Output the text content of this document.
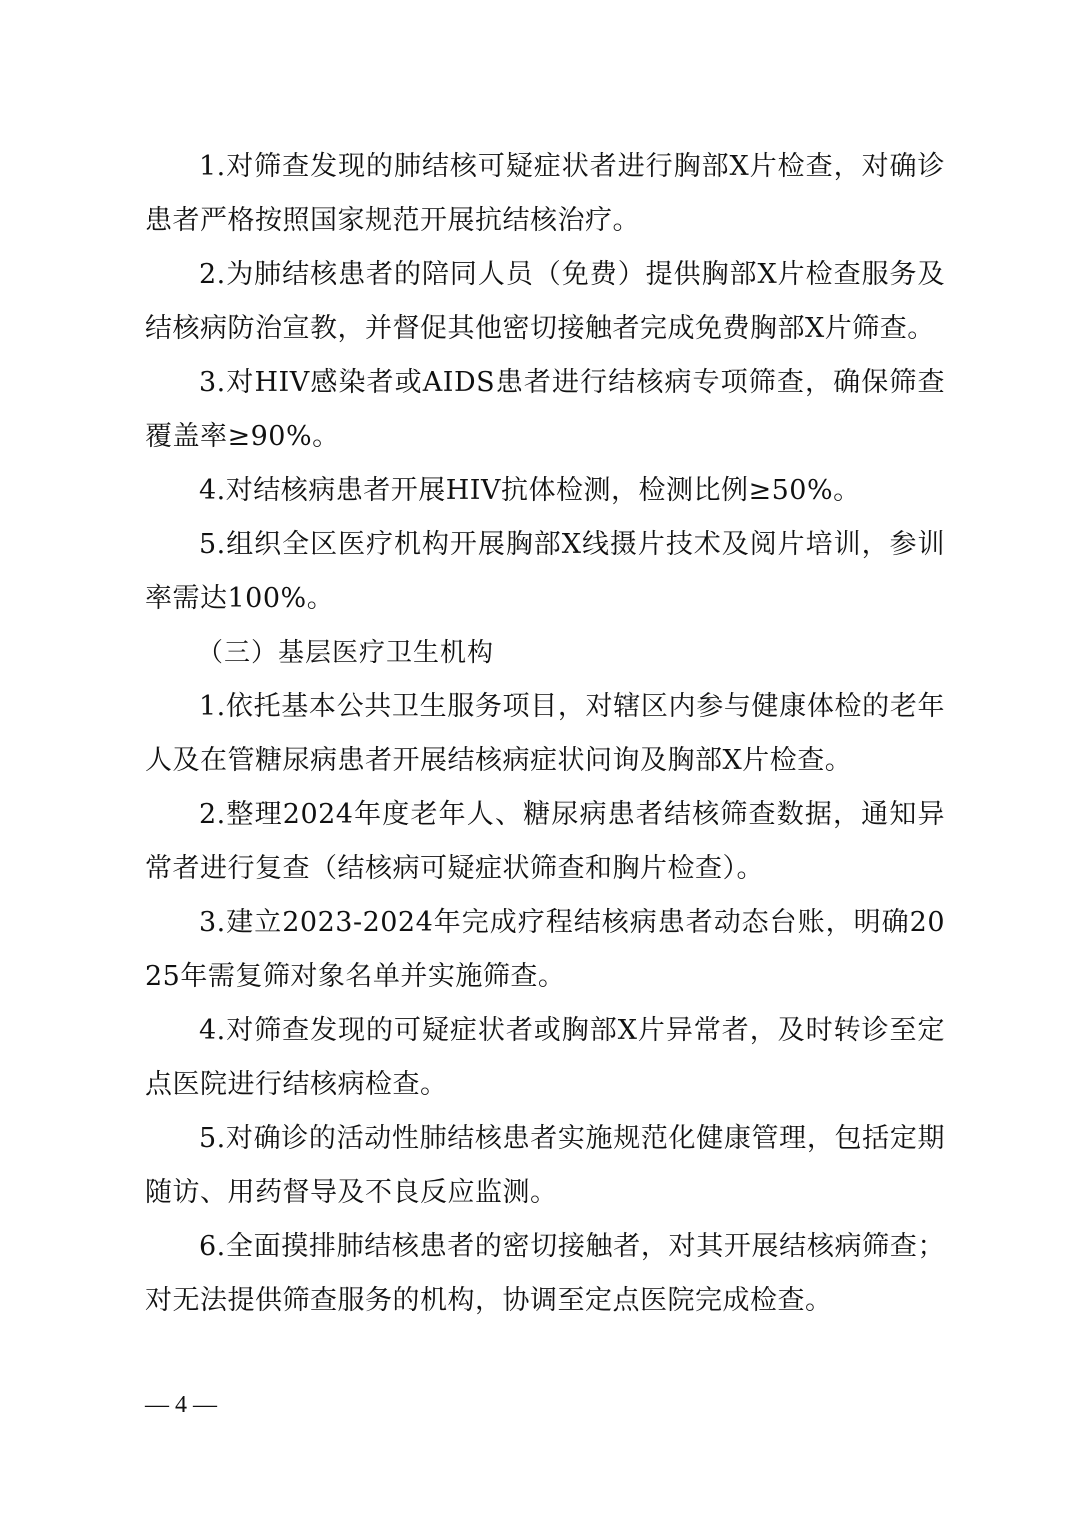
1.对筛查发现的肺结核可疑症状者进行胸部X片检查，对确诊患者严格按照国家规范开展抗结核治疗。

2.为肺结核患者的陪同人员（免费）提供胸部X片检查服务及结核病防治宣教，并督促其他密切接触者完成免费胸部X片筛查。

3.对HIV感染者或AIDS患者进行结核病专项筛查，确保筛查覆盖率≥90%。

4.对结核病患者开展HIV抗体检测，检测比例≥50%。

5.组织全区医疗机构开展胸部X线摄片技术及阅片培训，参训率需达100%。

（三）基层医疗卫生机构

1.依托基本公共卫生服务项目，对辖区内参与健康体检的老年人及在管糖尿病患者开展结核病症状问询及胸部X片检查。

2.整理2024年度老年人、糖尿病患者结核筛查数据，通知异常者进行复查（结核病可疑症状筛查和胸片检查）。

3.建立2023-2024年完成疗程结核病患者动态台账，明确2025年需复筛对象名单并实施筛查。

4.对筛查发现的可疑症状者或胸部X片异常者，及时转诊至定点医院进行结核病检查。

5.对确诊的活动性肺结核患者实施规范化健康管理，包括定期随访、用药督导及不良反应监测。

6.全面摸排肺结核患者的密切接触者，对其开展结核病筛查；对无法提供筛查服务的机构，协调至定点医院完成检查。

— 4 —
